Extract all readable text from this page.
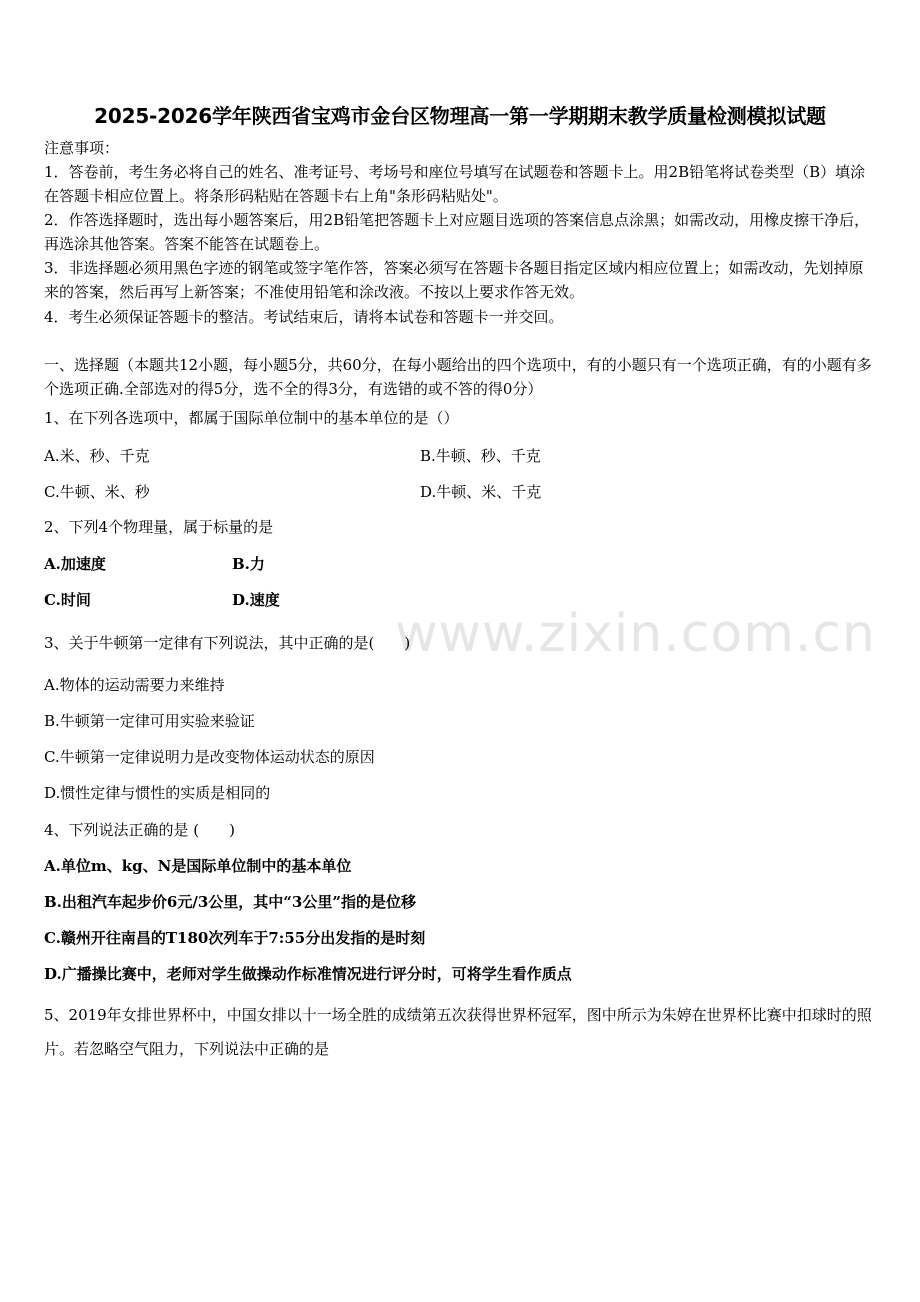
2025-2026学年陕西省宝鸡市金台区物理高一第一学期期末教学质量检测模拟试题
注意事项：
1．答卷前，考生务必将自己的姓名、准考证号、考场号和座位号填写在试题卷和答题卡上。用2B铅笔将试卷类型（B）填涂在答题卡相应位置上。将条形码粘贴在答题卡右上角"条形码粘贴处"。
2．作答选择题时，选出每小题答案后，用2B铅笔把答题卡上对应题目选项的答案信息点涂黑；如需改动，用橡皮擦干净后，再选涂其他答案。答案不能答在试题卷上。
3．非选择题必须用黑色字迹的钢笔或签字笔作答，答案必须写在答题卡各题目指定区域内相应位置上；如需改动，先划掉原来的答案，然后再写上新答案；不准使用铅笔和涂改液。不按以上要求作答无效。
4．考生必须保证答题卡的整洁。考试结束后，请将本试卷和答题卡一并交回。
一、选择题（本题共12小题，每小题5分，共60分，在每小题给出的四个选项中，有的小题只有一个选项正确，有的小题有多个选项正确.全部选对的得5分，选不全的得3分，有选错的或不答的得0分）
1、在下列各选项中，都属于国际单位制中的基本单位的是（）
A.米、秒、千克	B.牛顿、秒、千克
C.牛顿、米、秒	D.牛顿、米、千克
2、下列4个物理量，属于标量的是
A.加速度	B.力
C.时间	D.速度
www.zixin.com.cn
3、关于牛顿第一定律有下列说法，其中正确的是(　　)
A.物体的运动需要力来维持
B.牛顿第一定律可用实验来验证
C.牛顿第一定律说明力是改变物体运动状态的原因
D.惯性定律与惯性的实质是相同的
4、下列说法正确的是 (　　)
A.单位m、kg、N是国际单位制中的基本单位
B.出租汽车起步价6元/3公里，其中“3公里”指的是位移
C.赣州开往南昌的T180次列车于7:55分出发指的是时刻
D.广播操比赛中，老师对学生做操动作标准情况进行评分时，可将学生看作质点
5、2019年女排世界杯中，中国女排以十一场全胜的成绩第五次获得世界杯冠军，图中所示为朱婷在世界杯比赛中扣球时的照片。若忽略空气阻力，下列说法中正确的是
